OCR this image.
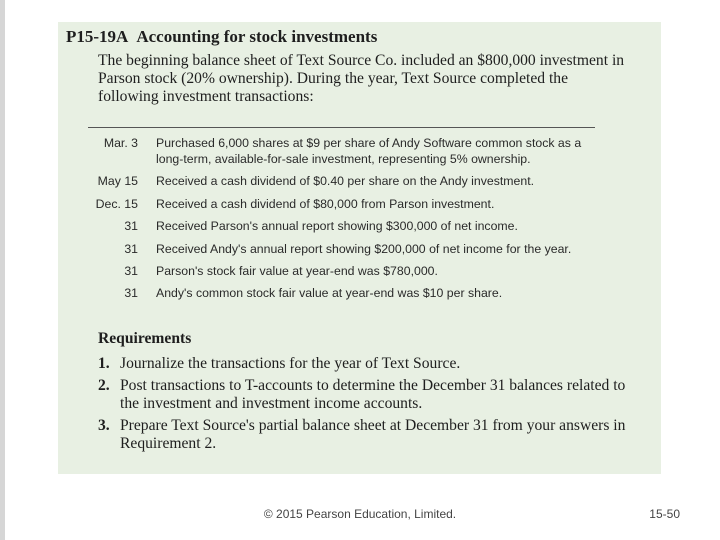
P15-19A Accounting for stock investments
The beginning balance sheet of Text Source Co. included an $800,000 investment in Parson stock (20% ownership). During the year, Text Source completed the following investment transactions:
Mar. 3 Purchased 6,000 shares at $9 per share of Andy Software common stock as a long-term, available-for-sale investment, representing 5% ownership.
May 15 Received a cash dividend of $0.40 per share on the Andy investment.
Dec. 15 Received a cash dividend of $80,000 from Parson investment.
31 Received Parson's annual report showing $300,000 of net income.
31 Received Andy's annual report showing $200,000 of net income for the year.
31 Parson's stock fair value at year-end was $780,000.
31 Andy's common stock fair value at year-end was $10 per share.
Requirements
1. Journalize the transactions for the year of Text Source.
2. Post transactions to T-accounts to determine the December 31 balances related to the investment and investment income accounts.
3. Prepare Text Source's partial balance sheet at December 31 from your answers in Requirement 2.
© 2015 Pearson Education, Limited.	15-50
